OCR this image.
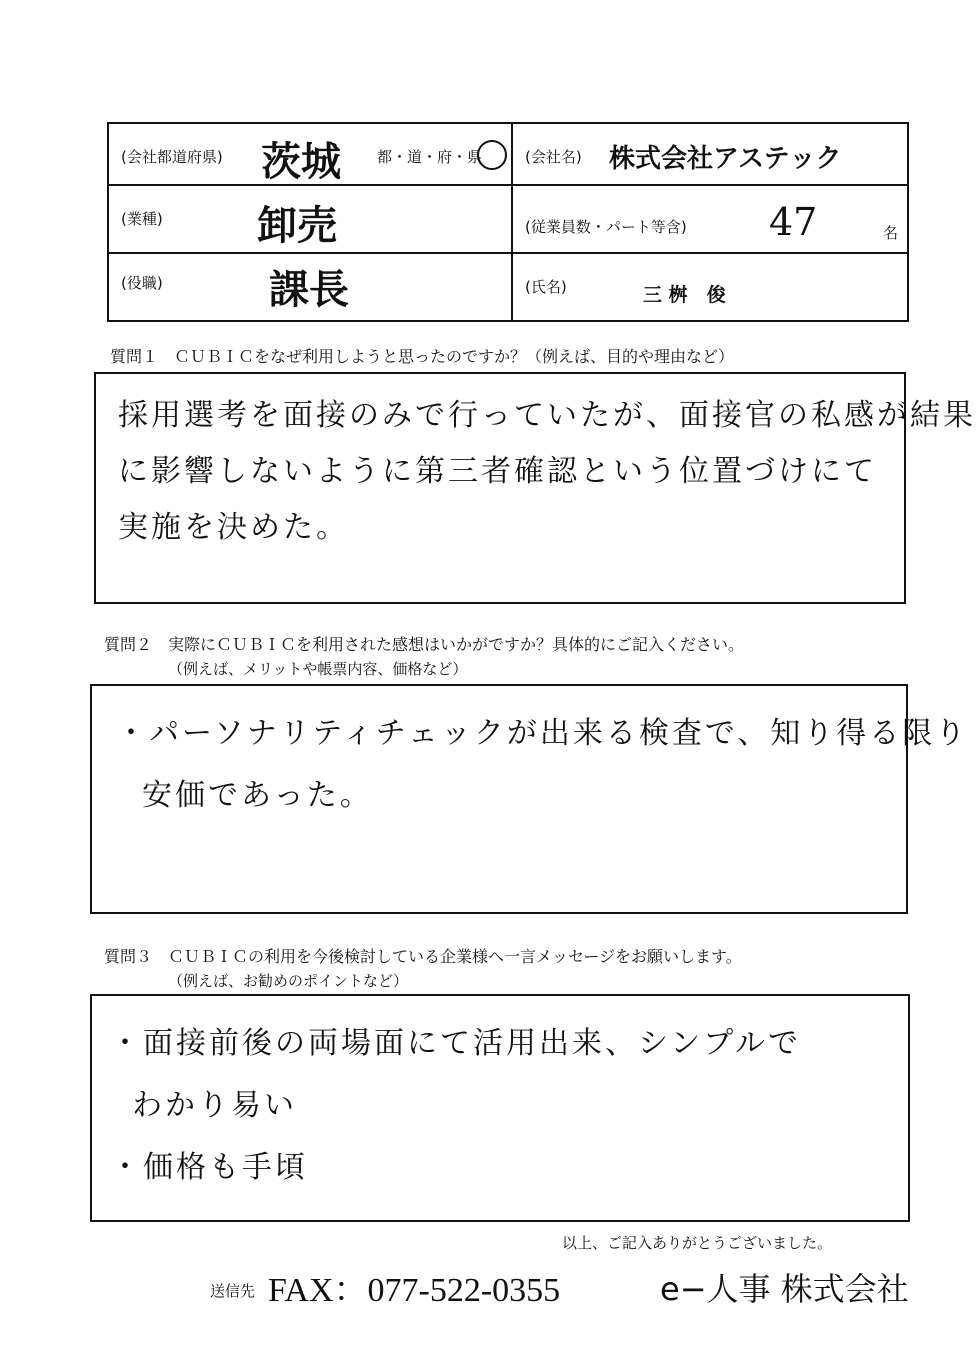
(会社都道府県) 茨城 都・道・府・県	(会社名) 株式会社アステック
(業種) 卸売	(従業員数・パート等含) 47	名
(役職)	課長	(氏名)	三 桝　俊
質問１　ＣＵＢＩＣをなぜ利用しようと思ったのですか？（例えば、目的や理由など）
採用選考を面接のみで行っていたが、面接官の私感が結果
に影響しないように第三者確認という位置づけにて
実施を決めた。
質問２　実際にＣＵＢＩＣを利用された感想はいかがですか？具体的にご記入ください。
（例えば、メリットや帳票内容、価格など）
・パーソナリティチェックが出来る検査で、知り得る限り
安価であった。
質問３　ＣＵＢＩＣの利用を今後検討している企業様へ一言メッセージをお願いします。
（例えば、お勧めのポイントなど）
・面接前後の両場面にて活用出来、シンプルで
わかり易い
・価格も手頃
以上、ご記入ありがとうございました。
送信先 FAX：077-522-0355	e−人事 株式会社
